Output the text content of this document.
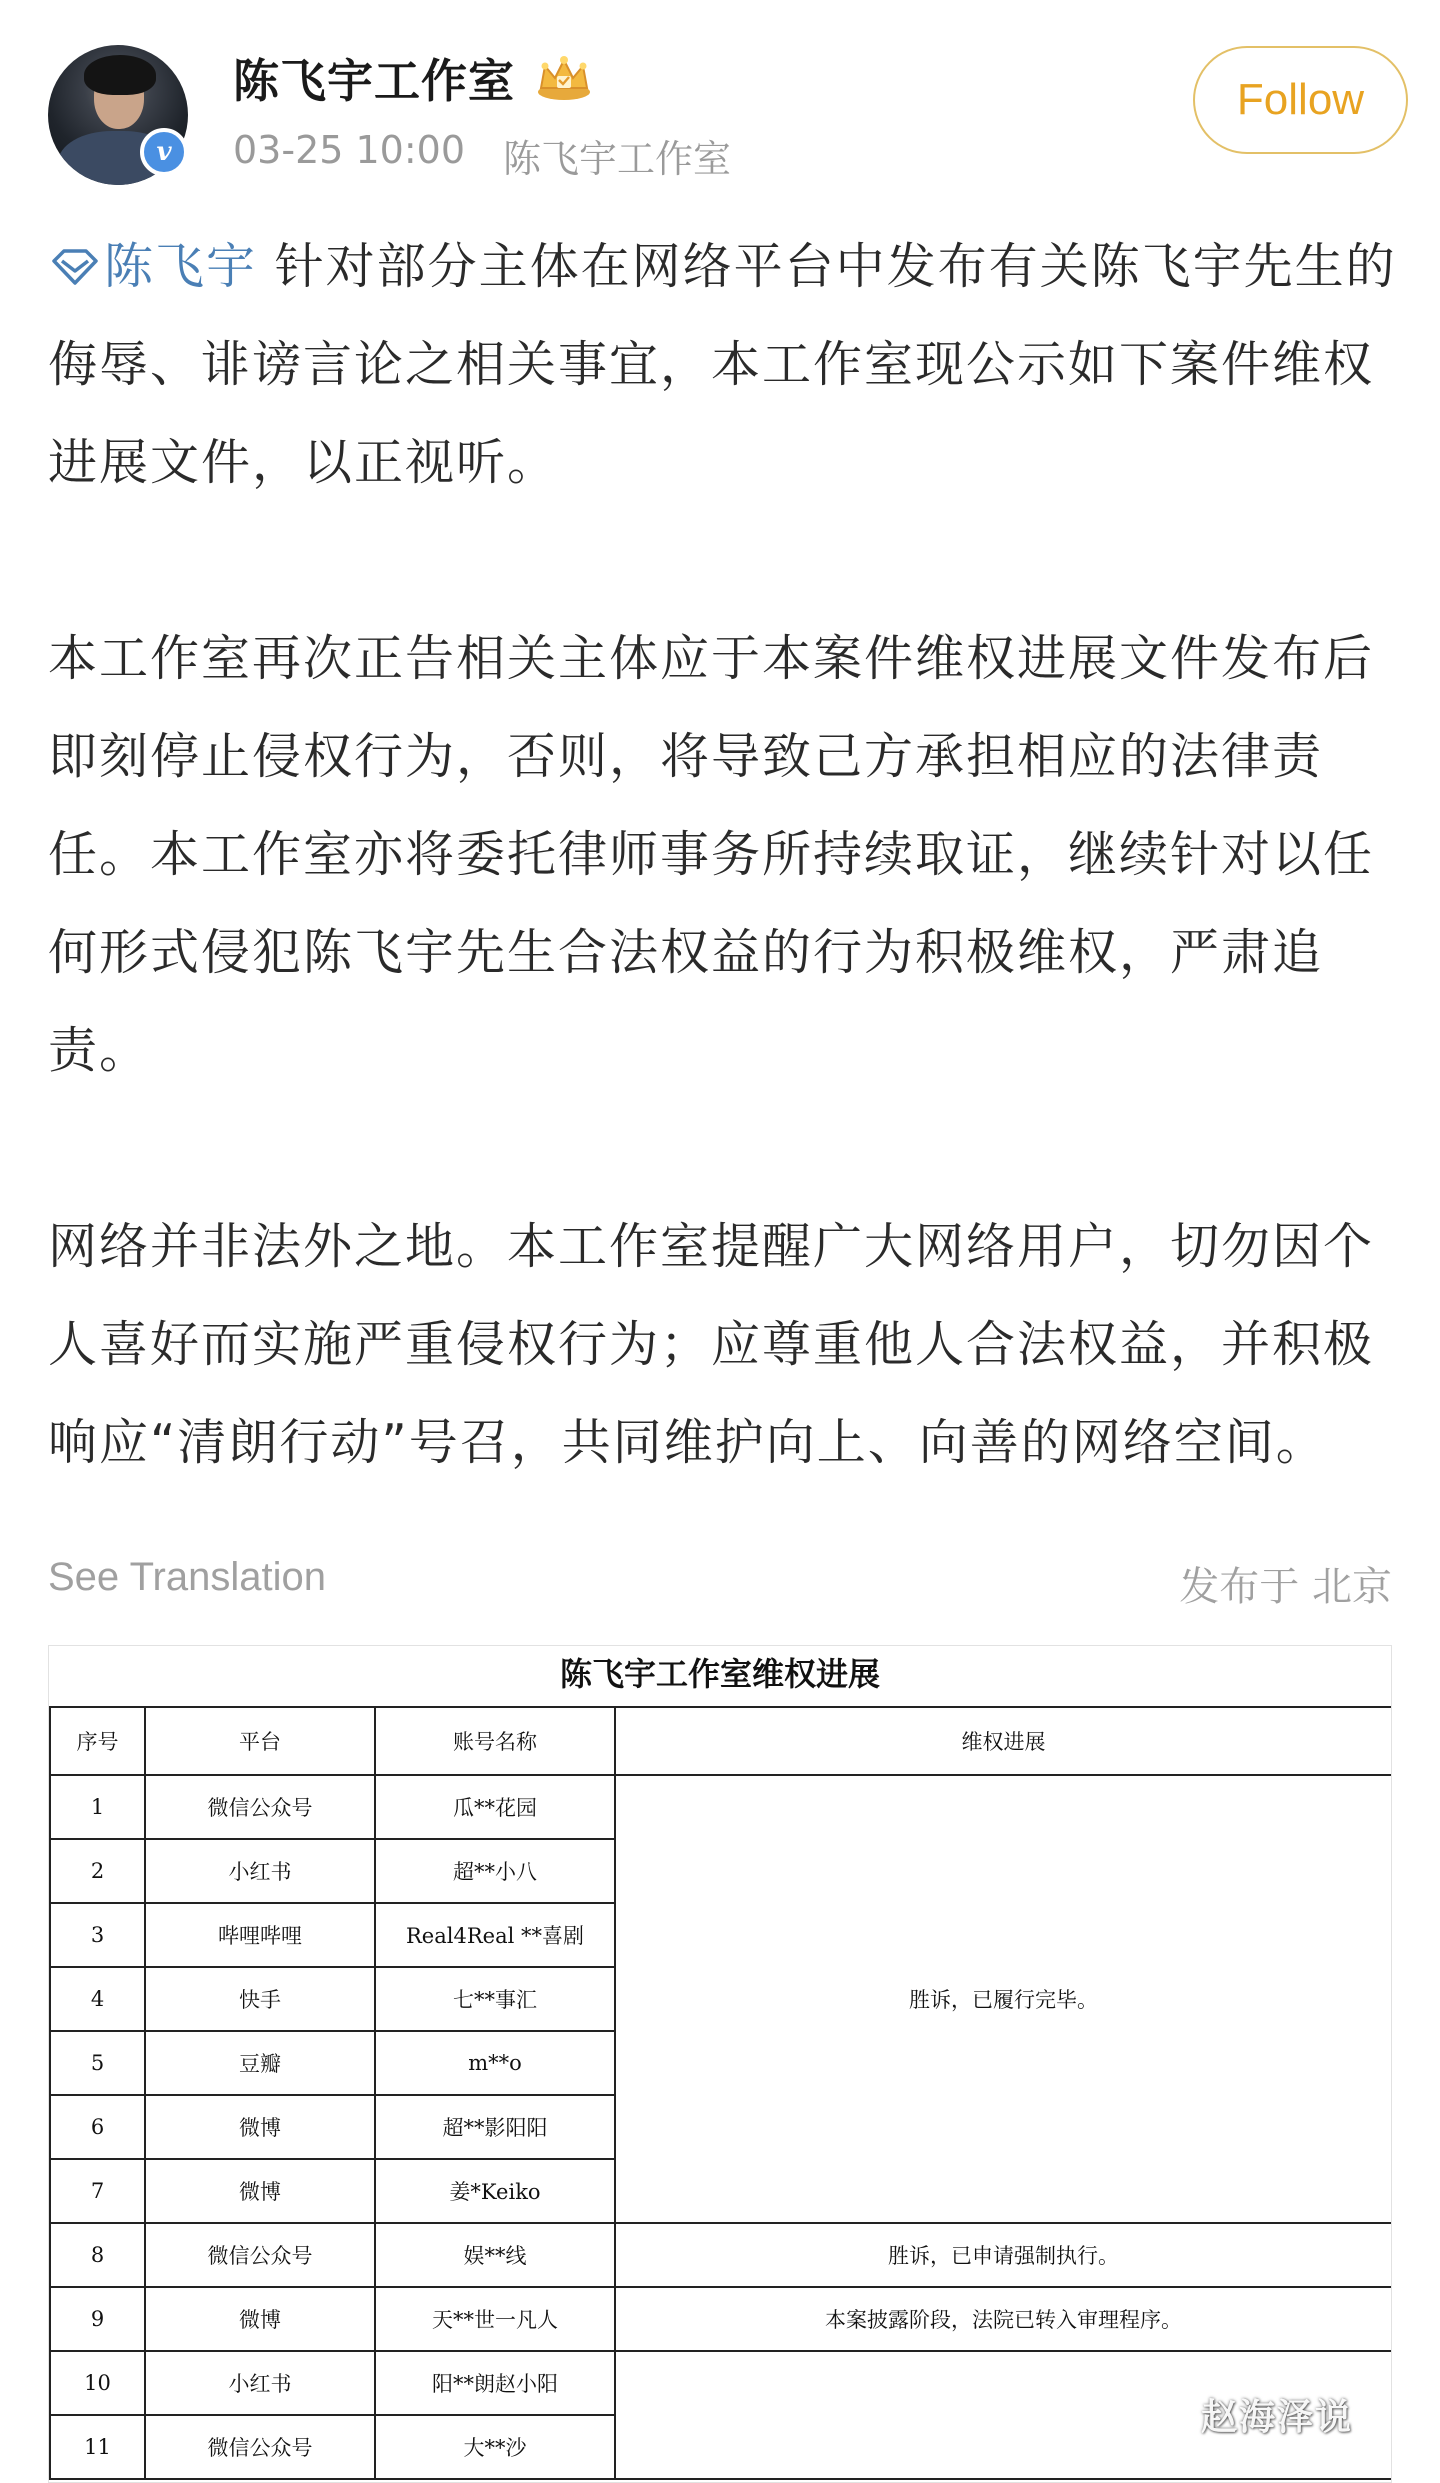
v
陈飞宇工作室
03-25 10:00 陈飞宇工作室
Follow

陈飞宇 针对部分主体在网络平台中发布有关陈飞宇先生的侮辱、诽谤言论之相关事宜，本工作室现公示如下案件维权进展文件，以正视听。

本工作室再次正告相关主体应于本案件维权进展文件发布后即刻停止侵权行为，否则，将导致己方承担相应的法律责任。本工作室亦将委托律师事务所持续取证，继续针对以任何形式侵犯陈飞宇先生合法权益的行为积极维权，严肃追责。

网络并非法外之地。本工作室提醒广大网络用户，切勿因个人喜好而实施严重侵权行为；应尊重他人合法权益，并积极响应“清朗行动”号召，共同维护向上、向善的网络空间。

See Translation	发布于 北京
陈飞宇工作室维权进展
序号	平台	账号名称	维权进展
1	微信公众号	瓜**花园	胜诉，已履行完毕。
2	小红书	超**小八	
3	哔哩哔哩	Real4Real **喜剧	
4	快手	七**事汇	
5	豆瓣	m**o	
6	微博	超**影阳阳	
7	微博	姜*Keiko	
8	微信公众号	娱**线	胜诉，已申请强制执行。
9	微博	天**世一凡人	本案披露阶段，法院已转入审理程序。
10	小红书	阳**朗赵小阳	
11	微信公众号	大**沙	
赵海泽说
